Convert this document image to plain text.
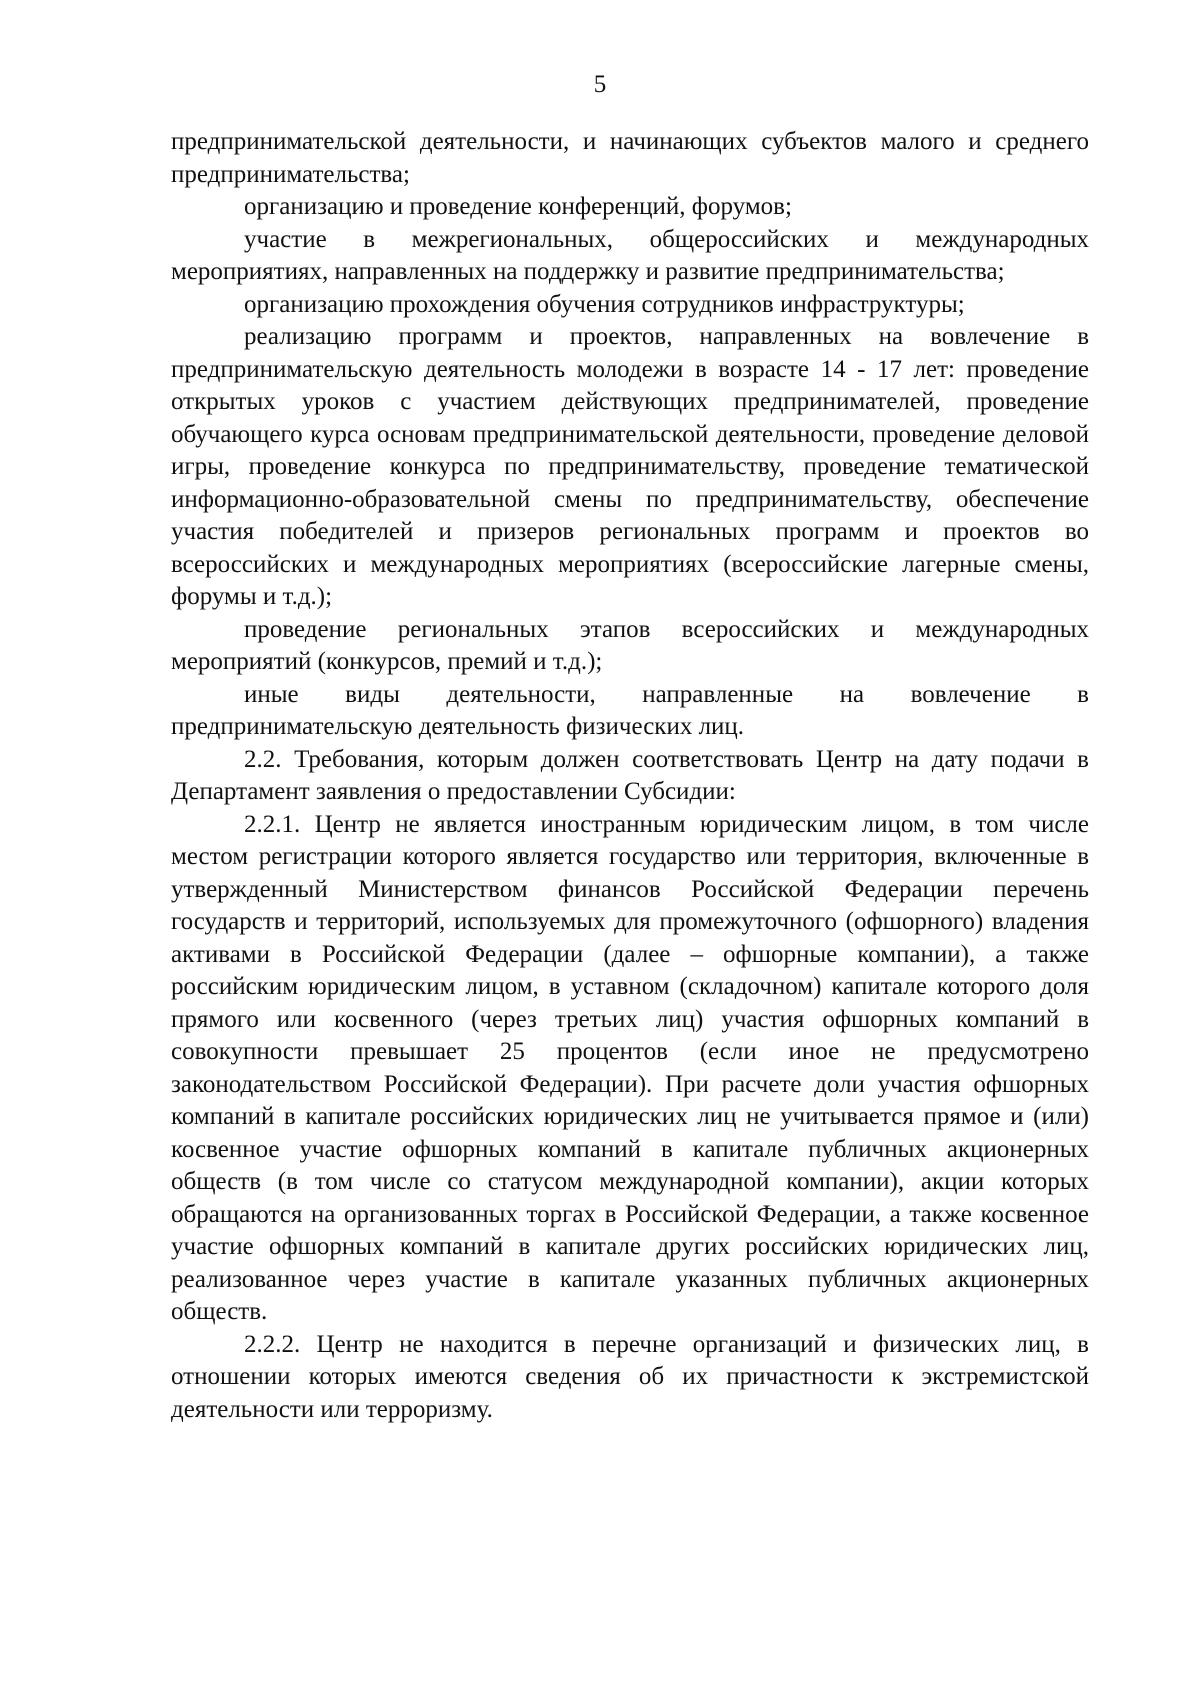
5

предпринимательской деятельности, и начинающих субъектов малого и среднего предпринимательства;

организацию и проведение конференций, форумов;

участие в межрегиональных, общероссийских и международных мероприятиях, направленных на поддержку и развитие предпринимательства;

организацию прохождения обучения сотрудников инфраструктуры;

реализацию программ и проектов, направленных на вовлечение в предпринимательскую деятельность молодежи в возрасте 14 - 17 лет: проведение открытых уроков с участием действующих предпринимателей, проведение обучающего курса основам предпринимательской деятельности, проведение деловой игры, проведение конкурса по предпринимательству, проведение тематической информационно-образовательной смены по предпринимательству, обеспечение участия победителей и призеров региональных программ и проектов во всероссийских и международных мероприятиях (всероссийские лагерные смены, форумы и т.д.);

проведение региональных этапов всероссийских и международных мероприятий (конкурсов, премий и т.д.);

иные виды деятельности, направленные на вовлечение в предпринимательскую деятельность физических лиц.

2.2. Требования, которым должен соответствовать Центр на дату подачи в Департамент заявления о предоставлении Субсидии:

2.2.1. Центр не является иностранным юридическим лицом, в том числе местом регистрации которого является государство или территория, включенные в утвержденный Министерством финансов Российской Федерации перечень государств и территорий, используемых для промежуточного (офшорного) владения активами в Российской Федерации (далее – офшорные компании), а также российским юридическим лицом, в уставном (складочном) капитале которого доля прямого или косвенного (через третьих лиц) участия офшорных компаний в совокупности превышает 25 процентов (если иное не предусмотрено законодательством Российской Федерации). При расчете доли участия офшорных компаний в капитале российских юридических лиц не учитывается прямое и (или) косвенное участие офшорных компаний в капитале публичных акционерных обществ (в том числе со статусом международной компании), акции которых обращаются на организованных торгах в Российской Федерации, а также косвенное участие офшорных компаний в капитале других российских юридических лиц, реализованное через участие в капитале указанных публичных акционерных обществ.

2.2.2. Центр не находится в перечне организаций и физических лиц, в отношении которых имеются сведения об их причастности к экстремистской деятельности или терроризму.
